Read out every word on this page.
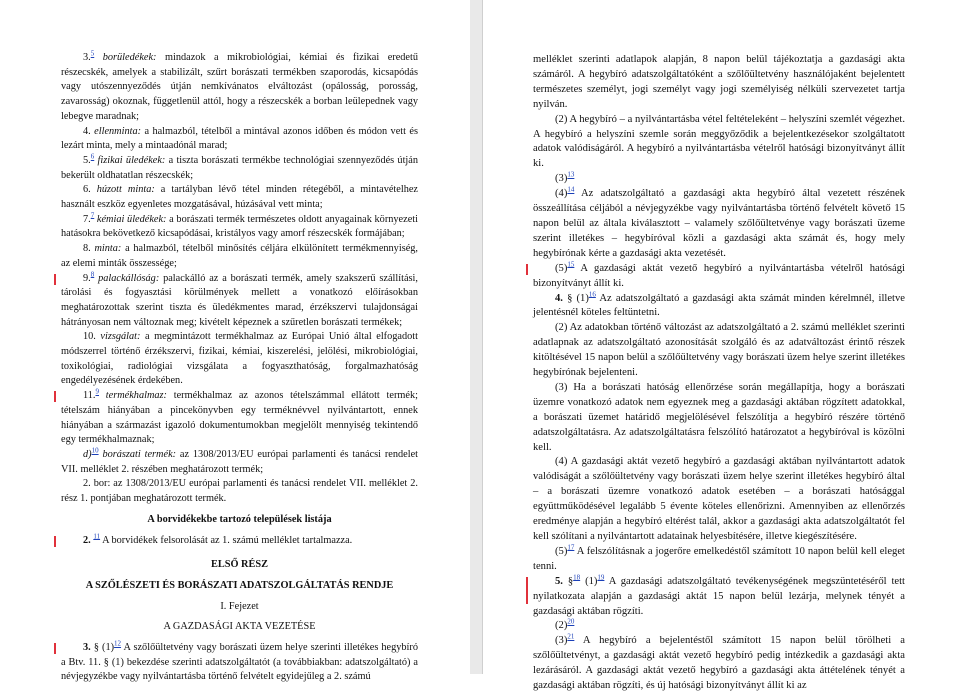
3.$^5$ borüledékek: mindazok a mikrobiológiai, kémiai és fizikai eredetű részecskék, amelyek a stabilizált, szűrt borászati termékben szaporodás, kicsapódás vagy utószennyeződés útján nemkívánatos elváltozást (opálosság, porosság, zavarosság) okoznak, függetlenül attól, hogy a részecskék a borban leülepednek vagy lebegve maradnak;

4. ellenminta: a halmazból, tételből a mintával azonos időben és módon vett és lezárt minta, mely a mintaadónál marad;

5.$^6$ fizikai üledékek: a tiszta borászati termékbe technológiai szennyeződés útján bekerült oldhatatlan részecskék;

6. húzott minta: a tartályban lévő tétel minden rétegéből, a mintavételhez használt eszköz egyenletes mozgatásával, húzásával vett minta;

7.$^7$ kémiai üledékek: a borászati termék természetes oldott anyagainak környezeti hatásokra bekövetkező kicsapódásai, kristályos vagy amorf részecskék formájában;

8. minta: a halmazból, tételből minősítés céljára elkülönített termékmennyiség, az elemi minták összessége;

9.$^8$ palackállóság: palackálló az a borászati termék, amely szakszerű szállítási, tárolási és fogyasztási körülmények mellett a vonatkozó előírásokban meghatározottak szerint tiszta és üledékmentes marad, érzékszervi tulajdonságai hátrányosan nem változnak meg; kivételt képeznek a szűretlen borászati termékek;

10. vizsgálat: a megmintázott termékhalmaz az Európai Unió által elfogadott módszerrel történő érzékszervi, fizikai, kémiai, kiszerelési, jelölési, mikrobiológiai, toxikológiai, radiológiai vizsgálata a fogyaszthatóság, forgalmazhatóság engedélyezésének érdekében.

11.$^9$ termékhalmaz: termékhalmaz az azonos tételszámmal ellátott termék; tételszám hiányában a pincekönyvben egy terméknévvel nyilvántartott, ennek hiányában a származást igazoló dokumentumokban megjelölt mennyiség tekintendő egy termékhalmaznak;

d)$^{10}$ borászati termék: az 1308/2013/EU európai parlamenti és tanácsi rendelet VII. melléklet 2. részében meghatározott termék;

2. bor: az 1308/2013/EU európai parlamenti és tanácsi rendelet VII. melléklet 2. rész 1. pontjában meghatározott termék.

A borvidékekbe tartozó települések listája

2. $^{11}$ A borvidékek felsorolását az 1. számú melléklet tartalmazza.

ELSŐ RÉSZ

A SZŐLÉSZETI ÉS BORÁSZATI ADATSZOLGÁLTATÁS RENDJE

I. Fejezet

A GAZDASÁGI AKTA VEZETÉSE

3. § $(1)^{12}$ A szőlőültetvény vagy borászati üzem helye szerinti illetékes hegybíró a Btv. 11. § (1) bekezdése szerinti adatszolgáltatót (a továbbiakban: adatszolgáltató) a névjegyzékbe vagy nyilvántartásba történő felvételt egyidejűleg a 2. számú

melléklet szerinti adatlapok alapján, 8 napon belül tájékoztatja a gazdasági akta számáról. A hegybíró adatszolgáltatóként a szőlőültetvény használójaként bejelentett természetes személyt, jogi személyt vagy jogi személyiség nélküli szervezetet tartja nyilván.

(2) A hegybíró – a nyilvántartásba vétel feltételeként – helyszíni szemlét végezhet. A hegybíró a helyszíni szemle során meggyőződik a bejelentkezésekor szolgáltatott adatok valódiságáról. A hegybíró a nyilvántartásba vételről hatósági bizonyítványt állít ki.

$(3)^{13}$

$(4)^{14}$ Az adatszolgáltató a gazdasági akta hegybíró által vezetett részének összeállítása céljából a névjegyzékbe vagy nyilvántartásba történő felvételt követő 15 napon belül az általa kiválasztott – valamely szőlőültetvénye vagy borászati üzeme szerint illetékes – hegybíróval közli a gazdasági akta számát és, hogy mely hegybírónak kérte a gazdasági akta vezetését.

$(5)^{15}$ A gazdasági aktát vezető hegybíró a nyilvántartásba vételről hatósági bizonyítványt állít ki.

4. § $(1)^{16}$ Az adatszolgáltató a gazdasági akta számát minden kérelmnél, illetve jelentésnél köteles feltüntetni.

(2) Az adatokban történő változást az adatszolgáltató a 2. számú melléklet szerinti adatlapnak az adatszolgáltató azonosítását szolgáló és az adatváltozást érintő részek kitöltésével 15 napon belül a szőlőültetvény vagy borászati üzem helye szerint illetékes hegybírónak bejelenteni.

(3) Ha a borászati hatóság ellenőrzése során megállapítja, hogy a borászati üzemre vonatkozó adatok nem egyeznek meg a gazdasági aktában rögzített adatokkal, a borászati üzemet határidő megjelölésével felszólítja a hegybíró részére történő adatszolgáltatásra. Az adatszolgáltatásra felszólító határozatot a hegybíróval is közölni kell.

(4) A gazdasági aktát vezető hegybíró a gazdasági aktában nyilvántartott adatok valódiságát a szőlőültetvény vagy borászati üzem helye szerint illetékes hegybíró által – a borászati üzemre vonatkozó adatok esetében – a borászati hatósággal együttműködésével legalább 5 évente köteles ellenőrizni. Amennyiben az ellenőrzés eredménye alapján a hegybíró eltérést talál, akkor a gazdasági akta adatszolgáltatót fel kell szólítani a nyilvántartott adatainak helyesbítésére, illetve kiegészítésére.

$(5)^{17}$ A felszólításnak a jogerőre emelkedéstől számított 10 napon belül kell eleget tenni.

5. §$^{18}$ $(1)^{19}$ A gazdasági adatszolgáltató tevékenységének megszüntetéséről tett nyilatkozata alapján a gazdasági aktát 15 napon belül lezárja, melynek tényét a gazdasági aktában rögzíti.

$(2)^{20}$

$(3)^{21}$ A hegybíró a bejelentéstől számított 15 napon belül törölheti a szőlőültetvényt, a gazdasági aktát vezető hegybíró pedig intézkedik a gazdasági akta lezárásáról. A gazdasági aktát vezető hegybíró a gazdasági akta áttételének tényét a gazdasági aktában rögzíti, és új hatósági bizonyítványt állít ki az
